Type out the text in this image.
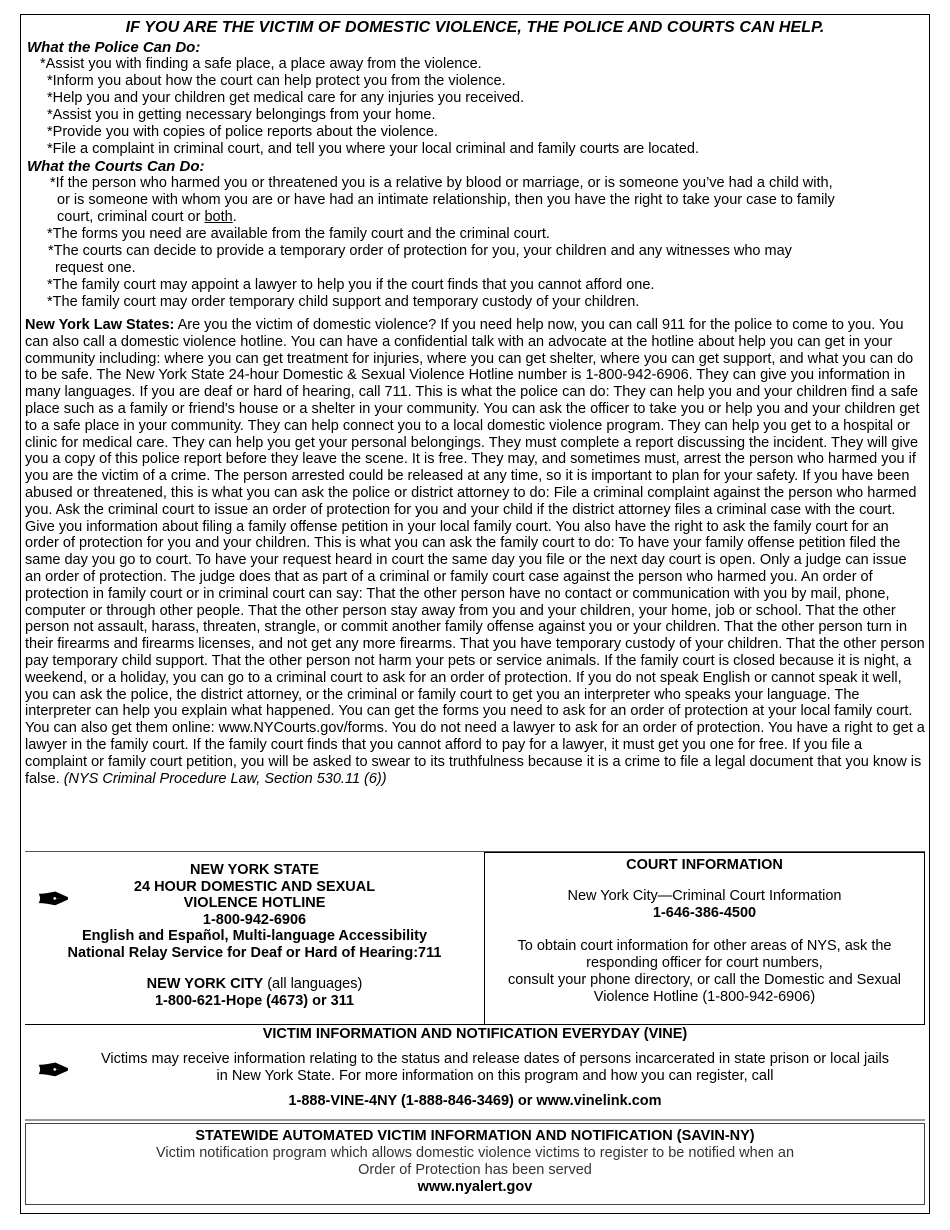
IF YOU ARE THE VICTIM OF DOMESTIC VIOLENCE, THE POLICE AND COURTS CAN HELP.
What the Police Can Do:
*Assist you with finding a safe place, a place away from the violence.
*Inform you about how the court can help protect you from the violence.
*Help you and your children get medical care for any injuries you received.
*Assist you in getting necessary belongings from your home.
*Provide you with copies of police reports about the violence.
*File a complaint in criminal court, and tell you where your local criminal and family courts are located.
What the Courts Can Do:
*If the person who harmed you or threatened you is a relative by blood or marriage, or is someone you’ve had a child with, or is someone with whom you are or have had an intimate relationship, then you have the right to take your case to family court, criminal court or both.
*The forms you need are available from the family court and the criminal court.
*The courts can decide to provide a temporary order of protection for you, your children and any witnesses who may request one.
*The family court may appoint a lawyer to help you if the court finds that you cannot afford one.
*The family court may order temporary child support and temporary custody of your children.

New York Law States: Are you the victim of domestic violence? If you need help now, you can call 911 for the police to come to you. You can also call a domestic violence hotline. You can have a confidential talk with an advocate at the hotline about help you can get in your community including: where you can get treatment for injuries, where you can get shelter, where you can get support, and what you can do to be safe. The New York State 24-hour Domestic & Sexual Violence Hotline number is 1-800-942-6906. They can give you information in many languages. If you are deaf or hard of hearing, call 711. This is what the police can do: They can help you and your children find a safe place such as a family or friend's house or a shelter in your community. You can ask the officer to take you or help you and your children get to a safe place in your community. They can help connect you to a local domestic violence program. They can help you get to a hospital or clinic for medical care. They can help you get your personal belongings. They must complete a report discussing the incident. They will give you a copy of this police report before they leave the scene. It is free. They may, and sometimes must, arrest the person who harmed you if you are the victim of a crime. The person arrested could be released at any time, so it is important to plan for your safety. If you have been abused or threatened, this is what you can ask the police or district attorney to do: File a criminal complaint against the person who harmed you. Ask the criminal court to issue an order of protection for you and your child if the district attorney files a criminal case with the court. Give you information about filing a family offense petition in your local family court. You also have the right to ask the family court for an order of protection for you and your children. This is what you can ask the family court to do: To have your family offense petition filed the same day you go to court. To have your request heard in court the same day you file or the next day court is open. Only a judge can issue an order of protection. The judge does that as part of a criminal or family court case against the person who harmed you. An order of protection in family court or in criminal court can say: That the other person have no contact or communication with you by mail, phone, computer or through other people. That the other person stay away from you and your children, your home, job or school. That the other person not assault, harass, threaten, strangle, or commit another family offense against you or your children. That the other person turn in their firearms and firearms licenses, and not get any more firearms. That you have temporary custody of your children. That the other person pay temporary child support. That the other person not harm your pets or service animals. If the family court is closed because it is night, a weekend, or a holiday, you can go to a criminal court to ask for an order of protection. If you do not speak English or cannot speak it well, you can ask the police, the district attorney, or the criminal or family court to get you an interpreter who speaks your language. The interpreter can help you explain what happened. You can get the forms you need to ask for an order of protection at your local family court. You can also get them online: www.NYCourts.gov/forms. You do not need a lawyer to ask for an order of protection. You have a right to get a lawyer in the family court. If the family court finds that you cannot afford to pay for a lawyer, it must get you one for free. If you file a complaint or family court petition, you will be asked to swear to its truthfulness because it is a crime to file a legal document that you know is false. (NYS Criminal Procedure Law, Section 530.11 (6))

✒
NEW YORK STATE
24 HOUR DOMESTIC AND SEXUAL
VIOLENCE HOTLINE
1-800-942-6906
English and Español, Multi-language Accessibility
National Relay Service for Deaf or Hard of Hearing:711
NEW YORK CITY (all languages)
1-800-621-Hope (4673) or 311
COURT INFORMATION
New York City—Criminal Court Information
1-646-386-4500
To obtain court information for other areas of NYS, ask the responding officer for court numbers,
consult your phone directory, or call the Domestic and Sexual Violence Hotline (1-800-942-6906)
✒
VICTIM INFORMATION AND NOTIFICATION EVERYDAY (VINE)
Victims may receive information relating to the status and release dates of persons incarcerated in state prison or local jails in New York State. For more information on this program and how you can register, call
1-888-VINE-4NY (1-888-846-3469) or www.vinelink.com
STATEWIDE AUTOMATED VICTIM INFORMATION AND NOTIFICATION (SAVIN-NY)
Victim notification program which allows domestic violence victims to register to be notified when an
Order of Protection has been served
www.nyalert.gov
